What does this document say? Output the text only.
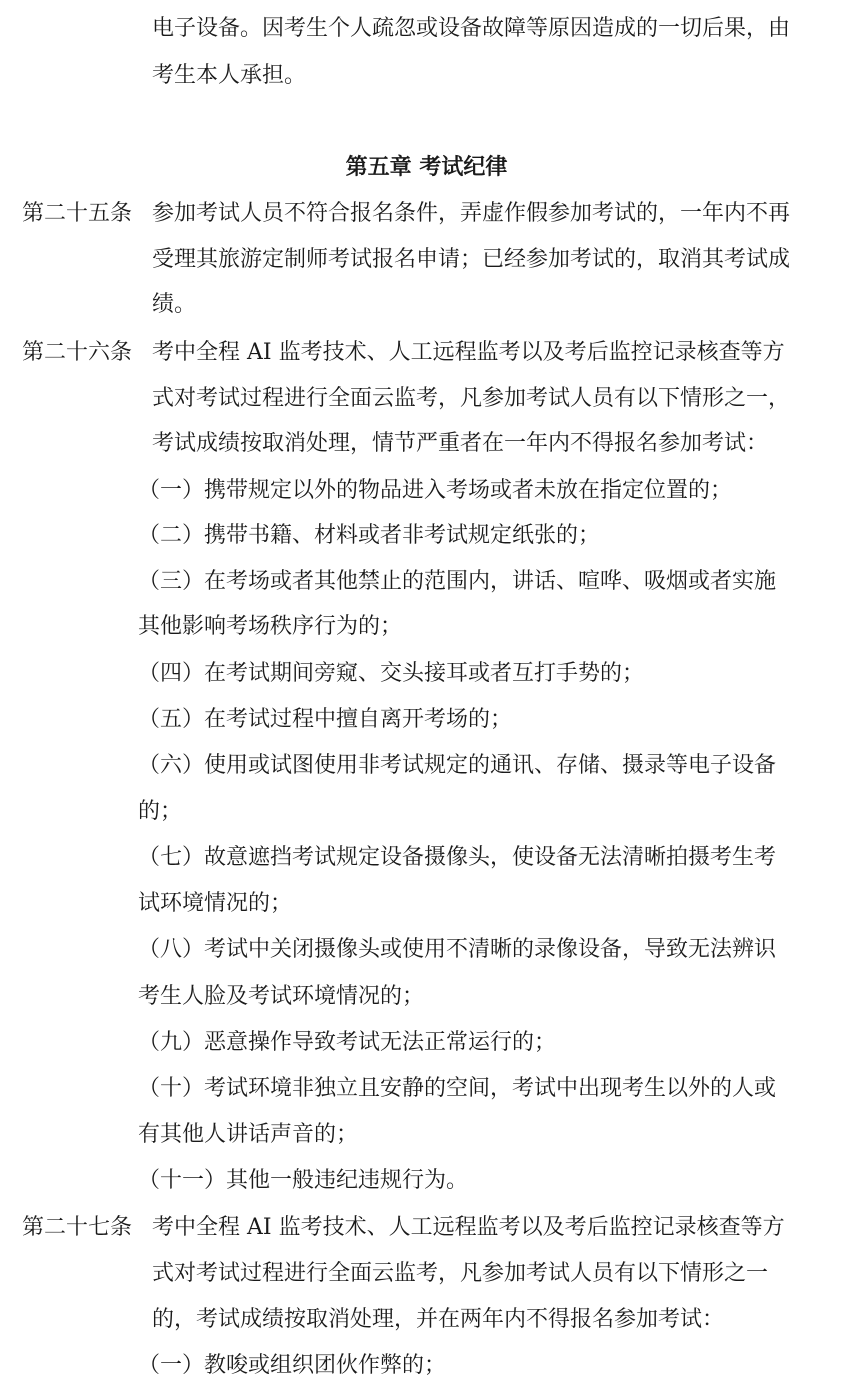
电子设备。因考生个人疏忽或设备故障等原因造成的一切后果，由

考生本人承担。

第五章 考试纪律
第二十五条 参加考试人员不符合报名条件，弄虚作假参加考试的，一年内不再
受理其旅游定制师考试报名申请；已经参加考试的，取消其考试成
绩。
第二十六条 考中全程 AI 监考技术、人工远程监考以及考后监控记录核查等方
式对考试过程进行全面云监考，凡参加考试人员有以下情形之一，
考试成绩按取消处理，情节严重者在一年内不得报名参加考试：
（一）携带规定以外的物品进入考场或者未放在指定位置的；
（二）携带书籍、材料或者非考试规定纸张的；
（三）在考场或者其他禁止的范围内，讲话、喧哗、吸烟或者实施
其他影响考场秩序行为的；
（四）在考试期间旁窥、交头接耳或者互打手势的；
（五）在考试过程中擅自离开考场的；
（六）使用或试图使用非考试规定的通讯、存储、摄录等电子设备
的；
（七）故意遮挡考试规定设备摄像头，使设备无法清晰拍摄考生考
试环境情况的；
（八）考试中关闭摄像头或使用不清晰的录像设备，导致无法辨识
考生人脸及考试环境情况的；
（九）恶意操作导致考试无法正常运行的；
（十）考试环境非独立且安静的空间，考试中出现考生以外的人或
有其他人讲话声音的；
（十一）其他一般违纪违规行为。
第二十七条 考中全程 AI 监考技术、人工远程监考以及考后监控记录核查等方
式对考试过程进行全面云监考，凡参加考试人员有以下情形之一
的，考试成绩按取消处理，并在两年内不得报名参加考试：
（一）教唆或组织团伙作弊的；
